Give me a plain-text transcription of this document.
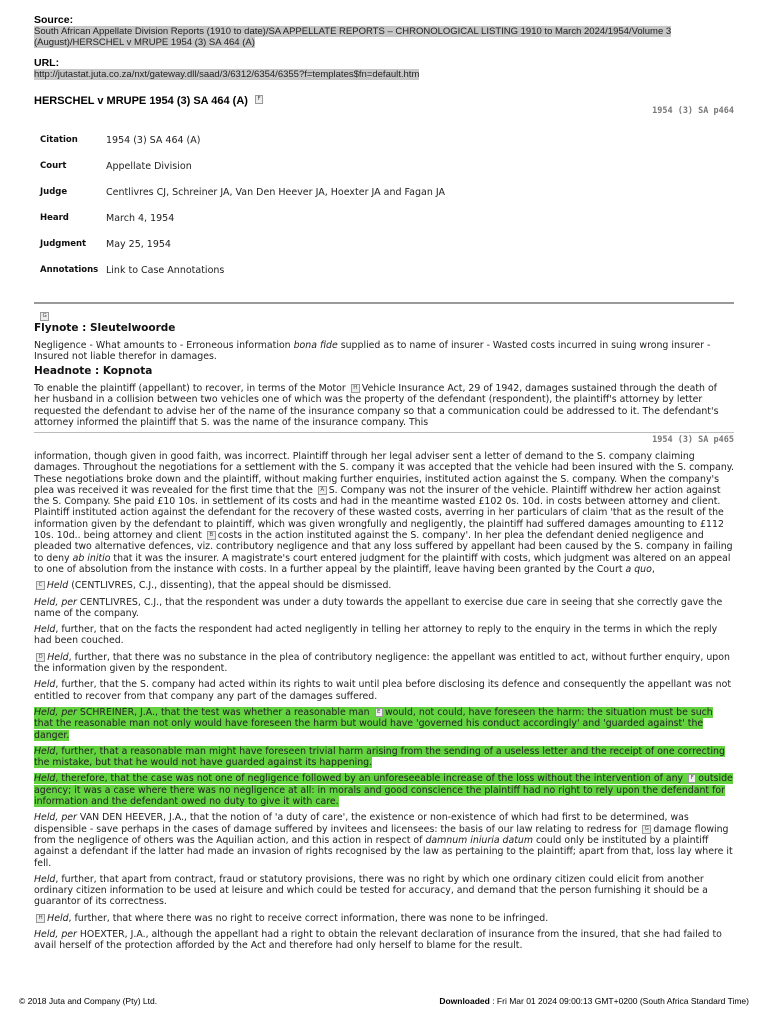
Source:
South African Appellate Division Reports (1910 to date)/SA APPELLATE REPORTS – CHRONOLOGICAL LISTING 1910 to March 2024/1954/Volume 3
(August)/HERSCHEL v MRUPE 1954 (3) SA 464 (A)
URL:
http://jutastat.juta.co.za/nxt/gateway.dll/saad/3/6312/6354/6355?f=templates$fn=default.htm
HERSCHEL v MRUPE 1954 (3) SA 464 (A) F
1954 (3) SA p464
Citation	1954 (3) SA 464 (A)
Court	Appellate Division
Judge	Centlivres CJ, Schreiner JA, Van Den Heever JA, Hoexter JA and Fagan JA
Heard	March 4, 1954
Judgment	May 25, 1954
Annotations Link to Case Annotations
G
Flynote : Sleutelwoorde

Negligence - What amounts to - Erroneous information bona fide supplied as to name of insurer - Wasted costs incurred in suing wrong insurer - Insured not liable therefor in damages.

Headnote : Kopnota

To enable the plaintiff (appellant) to recover, in terms of the Motor H Vehicle Insurance Act, 29 of 1942, damages sustained through the death of her husband in a collision between two vehicles one of which was the property of the defendant (respondent), the plaintiff's attorney by letter requested the defendant to advise her of the name of the insurance company so that a communication could be addressed to it. The defendant's attorney informed the plaintiff that S. was the name of the insurance company. This

1954 (3) SA p465

information, though given in good faith, was incorrect. Plaintiff through her legal adviser sent a letter of demand to the S. company claiming damages. Throughout the negotiations for a settlement with the S. company it was accepted that the vehicle had been insured with the S. company. These negotiations broke down and the plaintiff, without making further enquiries, instituted action against the S. company. When the company's plea was received it was revealed for the first time that the A S. Company was not the insurer of the vehicle. Plaintiff withdrew her action against the S. Company. She paid £10 10s. in settlement of its costs and had in the meantime wasted £102 0s. 10d. in costs between attorney and client. Plaintiff instituted action against the defendant for the recovery of these wasted costs, averring in her particulars of claim 'that as the result of the information given by the defendant to plaintiff, which was given wrongfully and negligently, the plaintiff had suffered damages amounting to £112 10s. 10d.. being attorney and client B costs in the action instituted against the S. company'. In her plea the defendant denied negligence and pleaded two alternative defences, viz. contributory negligence and that any loss suffered by appellant had been caused by the S. company in failing to deny ab initio that it was the insurer. A magistrate's court entered judgment for the plaintiff with costs, which judgment was altered on an appeal to one of absolution from the instance with costs. In a further appeal by the plaintiff, leave having been granted by the Court a quo,

C Held (CENTLIVRES, C.J., dissenting), that the appeal should be dismissed.

Held, per CENTLIVRES, C.J., that the respondent was under a duty towards the appellant to exercise due care in seeing that she correctly gave the name of the company.

Held, further, that on the facts the respondent had acted negligently in telling her attorney to reply to the enquiry in the terms in which the reply had been couched.

D Held, further, that there was no substance in the plea of contributory negligence: the appellant was entitled to act, without further enquiry, upon the information given by the respondent.

Held, further, that the S. company had acted within its rights to wait until plea before disclosing its defence and consequently the appellant was not entitled to recover from that company any part of the damages suffered.

Held, per SCHREINER, J.A., that the test was whether a reasonable man E would, not could, have foreseen the harm: the situation must be such that the reasonable man not only would have foreseen the harm but would have 'governed his conduct accordingly' and 'guarded against' the danger.

Held, further, that a reasonable man might have foreseen trivial harm arising from the sending of a useless letter and the receipt of one correcting the mistake, but that he would not have guarded against its happening.

Held, therefore, that the case was not one of negligence followed by an unforeseeable increase of the loss without the intervention of any F outside agency; it was a case where there was no negligence at all: in morals and good conscience the plaintiff had no right to rely upon the defendant for information and the defendant owed no duty to give it with care.

Held, per VAN DEN HEEVER, J.A., that the notion of 'a duty of care', the existence or non-existence of which had first to be determined, was dispensible - save perhaps in the cases of damage suffered by invitees and licensees: the basis of our law relating to redress for G damage flowing from the negligence of others was the Aquilian action, and this action in respect of damnum iniuria datum could only be instituted by a plaintiff against a defendant if the latter had made an invasion of rights recognised by the law as pertaining to the plaintiff; apart from that, loss lay where it fell.

Held, further, that apart from contract, fraud or statutory provisions, there was no right by which one ordinary citizen could elicit from another ordinary citizen information to be used at leisure and which could be tested for accuracy, and demand that the person furnishing it should be a guarantor of its correctness.

H Held, further, that where there was no right to receive correct information, there was none to be infringed.

Held, per HOEXTER, J.A., although the appellant had a right to obtain the relevant declaration of insurance from the insured, that she had failed to avail herself of the protection afforded by the Act and therefore had only herself to blame for the result.

© 2018 Juta and Company (Pty) Ltd.	Downloaded : Fri Mar 01 2024 09:00:13 GMT+0200 (South Africa Standard Time)
